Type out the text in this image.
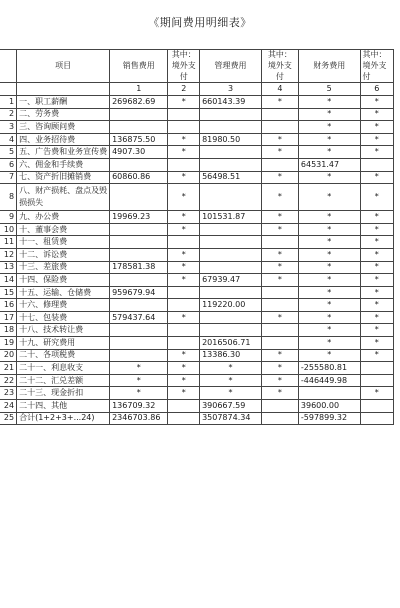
《期间费用明细表》
	项目	销售费用	其中：境外支付	管理费用	其中：境外支付	财务费用	其中：境外支付
		1	2	3	4	5	6
1	一、职工薪酬	269682.69	*	660143.39	*	*	*
2	二、劳务费					*	*
3	三、咨询顾问费					*	*
4	四、业务招待费	136875.50	*	81980.50	*	*	*
5	五、广告费和业务宣传费	4907.30	*		*	*	*
6	六、佣金和手续费					64531.47	
7	七、资产折旧摊销费	60860.86	*	56498.51	*	*	*
8	八、财产损耗、盘点及毁损损失		*		*	*	*
9	九、办公费	19969.23	*	101531.87	*	*	*
10	十、董事会费		*		*	*	*
11	十一、租赁费					*	*
12	十二、诉讼费		*		*	*	*
13	十三、差旅费	178581.38	*		*	*	*
14	十四、保险费		*	67939.47	*	*	*
15	十五、运输、仓储费	959679.94				*	*
16	十六、修理费			119220.00		*	*
17	十七、包装费	579437.64	*		*	*	*
18	十八、技术转让费					*	*
19	十九、研究费用			2016506.71		*	*
20	二十、各项税费		*	13386.30	*	*	*
21	二十一、利息收支	*	*	*	*	-255580.81	
22	二十二、汇兑差额	*	*	*	*	-446449.98	
23	二十三、现金折扣	*	*	*	*		*
24	二十四、其他	136709.32		390667.59		39600.00	
25	合计(1+2+3+...24)	2346703.86		3507874.34		-597899.32	
